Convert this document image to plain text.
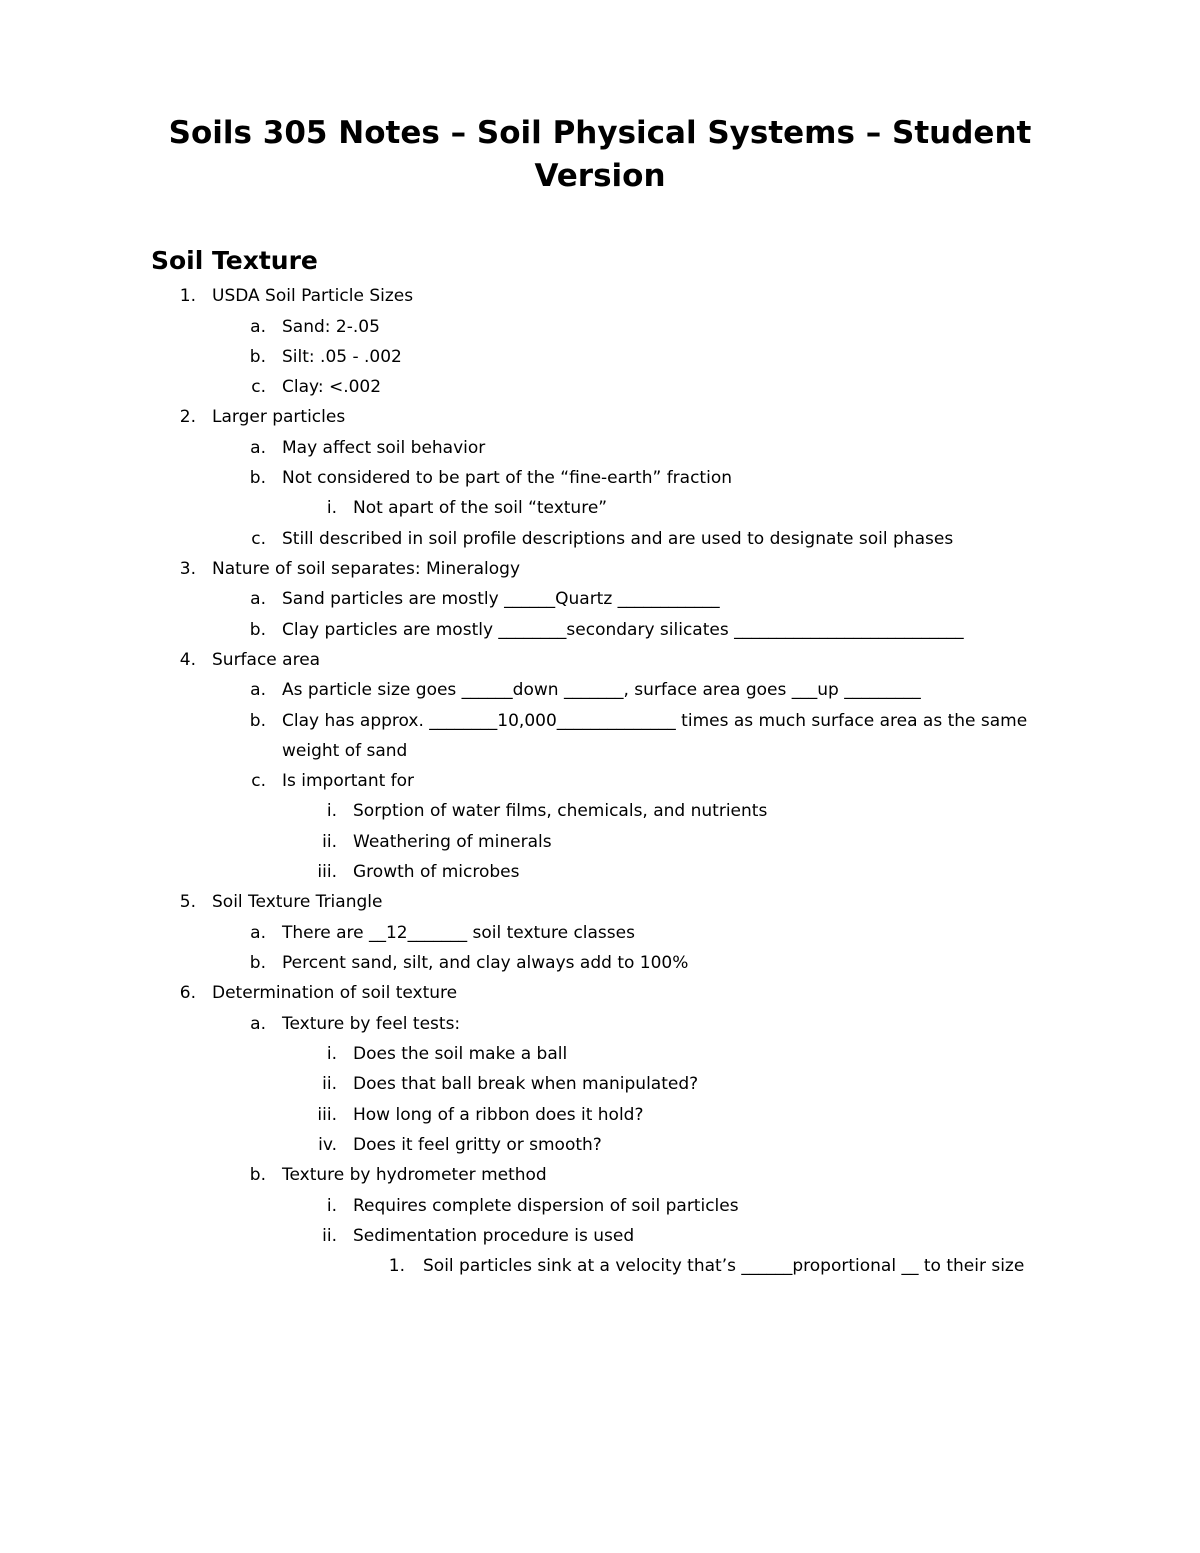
Soils 305 Notes – Soil Physical Systems – Student
Version
Soil Texture
1. USDA Soil Particle Sizes
a. Sand: 2-.05
b. Silt: .05 - .002
c. Clay: <.002
2. Larger particles
a. May affect soil behavior
b. Not considered to be part of the “fine-earth” fraction
i. Not apart of the soil “texture”
c. Still described in soil profile descriptions and are used to designate soil phases
3. Nature of soil separates: Mineralogy
a. Sand particles are mostly ______Quartz ____________
b. Clay particles are mostly ________secondary silicates ___________________________
4. Surface area
a. As particle size goes ______down _______, surface area goes ___up _________
b. Clay has approx. ________10,000______________ times as much surface area as the same
weight of sand
c. Is important for
i. Sorption of water films, chemicals, and nutrients
ii. Weathering of minerals
iii. Growth of microbes
5. Soil Texture Triangle
a. There are __12_______ soil texture classes
b. Percent sand, silt, and clay always add to 100%
6. Determination of soil texture
a. Texture by feel tests:
i. Does the soil make a ball
ii. Does that ball break when manipulated?
iii. How long of a ribbon does it hold?
iv. Does it feel gritty or smooth?
b. Texture by hydrometer method
i. Requires complete dispersion of soil particles
ii. Sedimentation procedure is used
1. Soil particles sink at a velocity that’s ______proportional __ to their size
